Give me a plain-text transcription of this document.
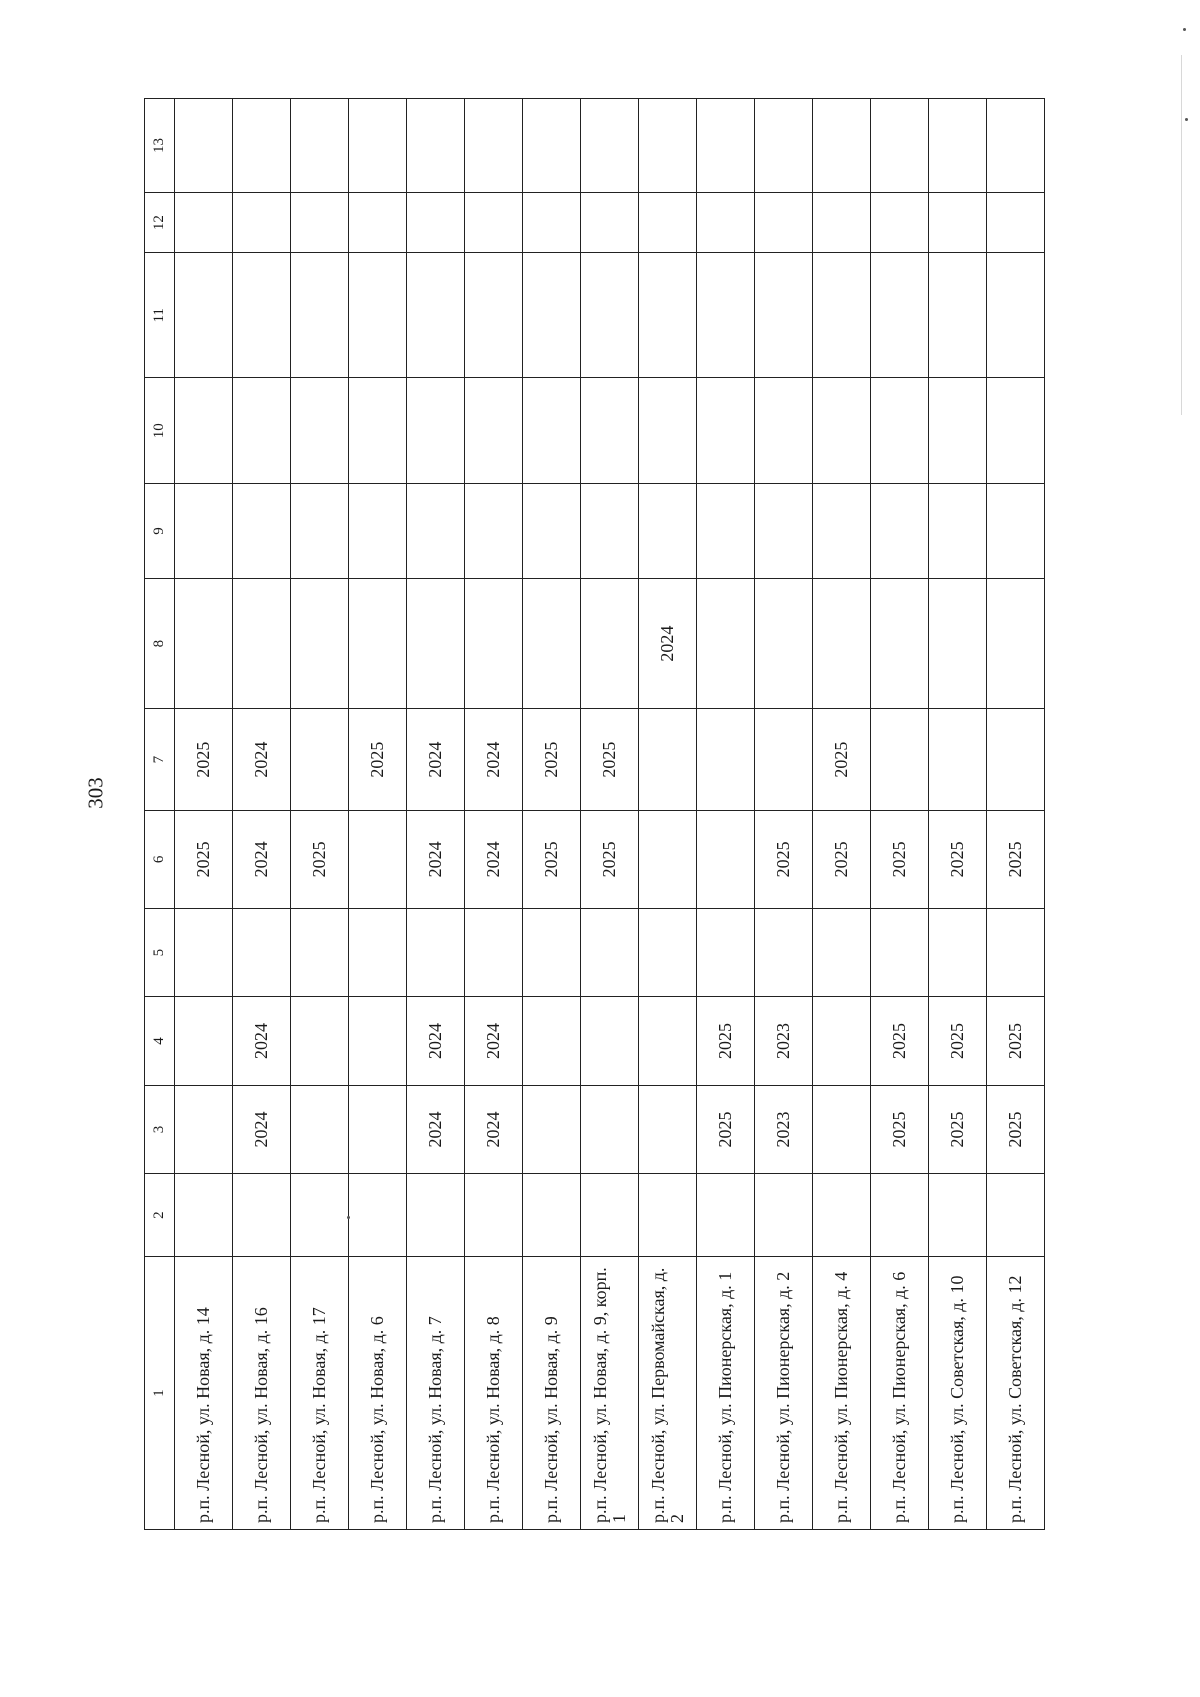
303
1	2	3	4	5	6	7	8	9	10	11	12	13
р.п. Лесной, ул. Новая, д. 14					2025	2025						
р.п. Лесной, ул. Новая, д. 16		2024	2024		2024	2024						
р.п. Лесной, ул. Новая, д. 17					2025							
р.п. Лесной, ул. Новая, д. 6						2025						
р.п. Лесной, ул. Новая, д. 7		2024	2024		2024	2024						
р.п. Лесной, ул. Новая, д. 8		2024	2024		2024	2024						
р.п. Лесной, ул. Новая, д. 9					2025	2025						
р.п. Лесной, ул. Новая, д. 9, корп. 1					2025	2025						
р.п. Лесной, ул. Первомайская, д. 2							2024					
р.п. Лесной, ул. Пионерская, д. 1		2025	2025									
р.п. Лесной, ул. Пионерская, д. 2		2023	2023		2025							
р.п. Лесной, ул. Пионерская, д. 4					2025	2025						
р.п. Лесной, ул. Пионерская, д. 6		2025	2025		2025							
р.п. Лесной, ул. Советская, д. 10		2025	2025		2025							
р.п. Лесной, ул. Советская, д. 12		2025	2025		2025							
